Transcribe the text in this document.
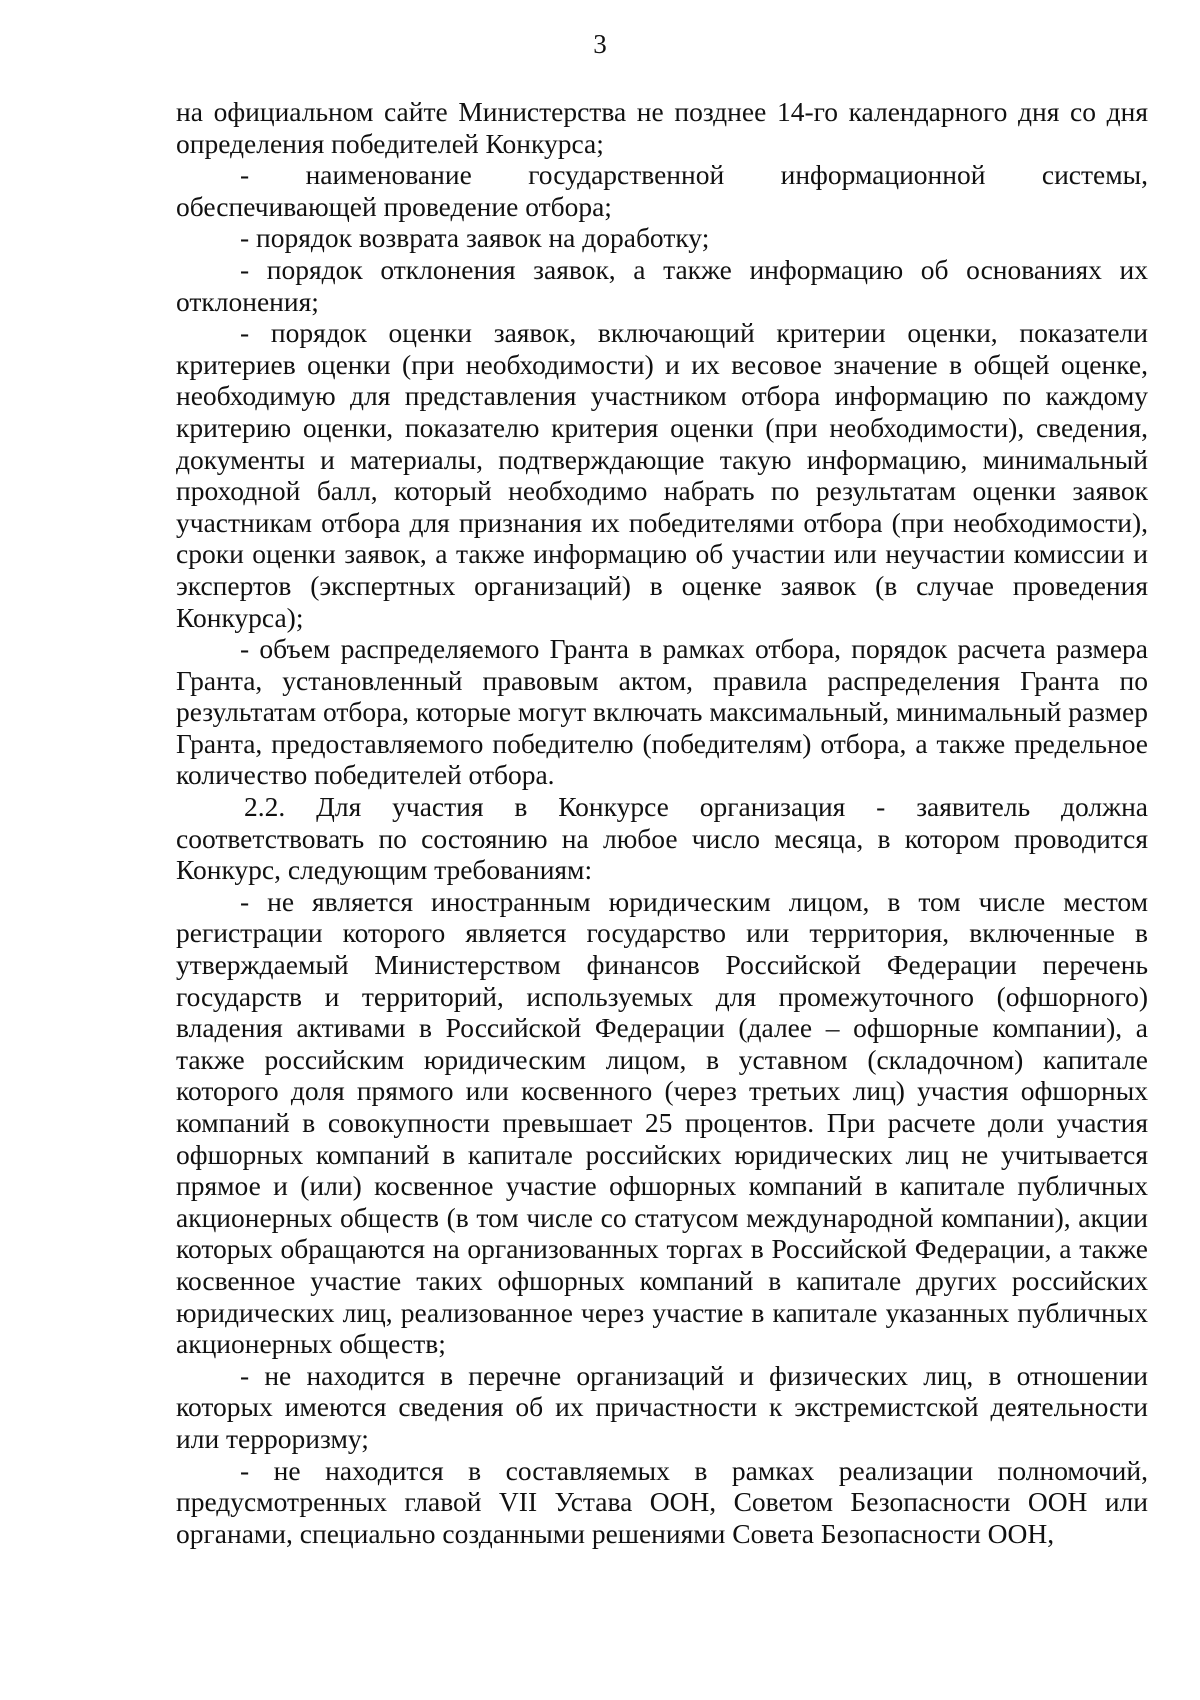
3

на официальном сайте Министерства не позднее 14-го календарного дня со дня определения победителей Конкурса;

- наименование государственной информационной системы, обеспечивающей проведение отбора;

- порядок возврата заявок на доработку;

- порядок отклонения заявок, а также информацию об основаниях их отклонения;

- порядок оценки заявок, включающий критерии оценки, показатели критериев оценки (при необходимости) и их весовое значение в общей оценке, необходимую для представления участником отбора информацию по каждому критерию оценки, показателю критерия оценки (при необходимости), сведения, документы и материалы, подтверждающие такую информацию, минимальный проходной балл, который необходимо набрать по результатам оценки заявок участникам отбора для признания их победителями отбора (при необходимости), сроки оценки заявок, а также информацию об участии или неучастии комиссии и экспертов (экспертных организаций) в оценке заявок (в случае проведения Конкурса);

- объем распределяемого Гранта в рамках отбора, порядок расчета размера Гранта, установленный правовым актом, правила распределения Гранта по результатам отбора, которые могут включать максимальный, минимальный размер Гранта, предоставляемого победителю (победителям) отбора, а также предельное количество победителей отбора.

2.2. Для участия в Конкурсе организация - заявитель должна соответствовать по состоянию на любое число месяца, в котором проводится Конкурс, следующим требованиям:

- не является иностранным юридическим лицом, в том числе местом регистрации которого является государство или территория, включенные в утверждаемый Министерством финансов Российской Федерации перечень государств и территорий, используемых для промежуточного (офшорного) владения активами в Российской Федерации (далее – офшорные компании), а также российским юридическим лицом, в уставном (складочном) капитале которого доля прямого или косвенного (через третьих лиц) участия офшорных компаний в совокупности превышает 25 процентов. При расчете доли участия офшорных компаний в капитале российских юридических лиц не учитывается прямое и (или) косвенное участие офшорных компаний в капитале публичных акционерных обществ (в том числе со статусом международной компании), акции которых обращаются на организованных торгах в Российской Федерации, а также косвенное участие таких офшорных компаний в капитале других российских юридических лиц, реализованное через участие в капитале указанных публичных акционерных обществ;

- не находится в перечне организаций и физических лиц, в отношении которых имеются сведения об их причастности к экстремистской деятельности или терроризму;

- не находится в составляемых в рамках реализации полномочий, предусмотренных главой VII Устава ООН, Советом Безопасности ООН или органами, специально созданными решениями Совета Безопасности ООН,
